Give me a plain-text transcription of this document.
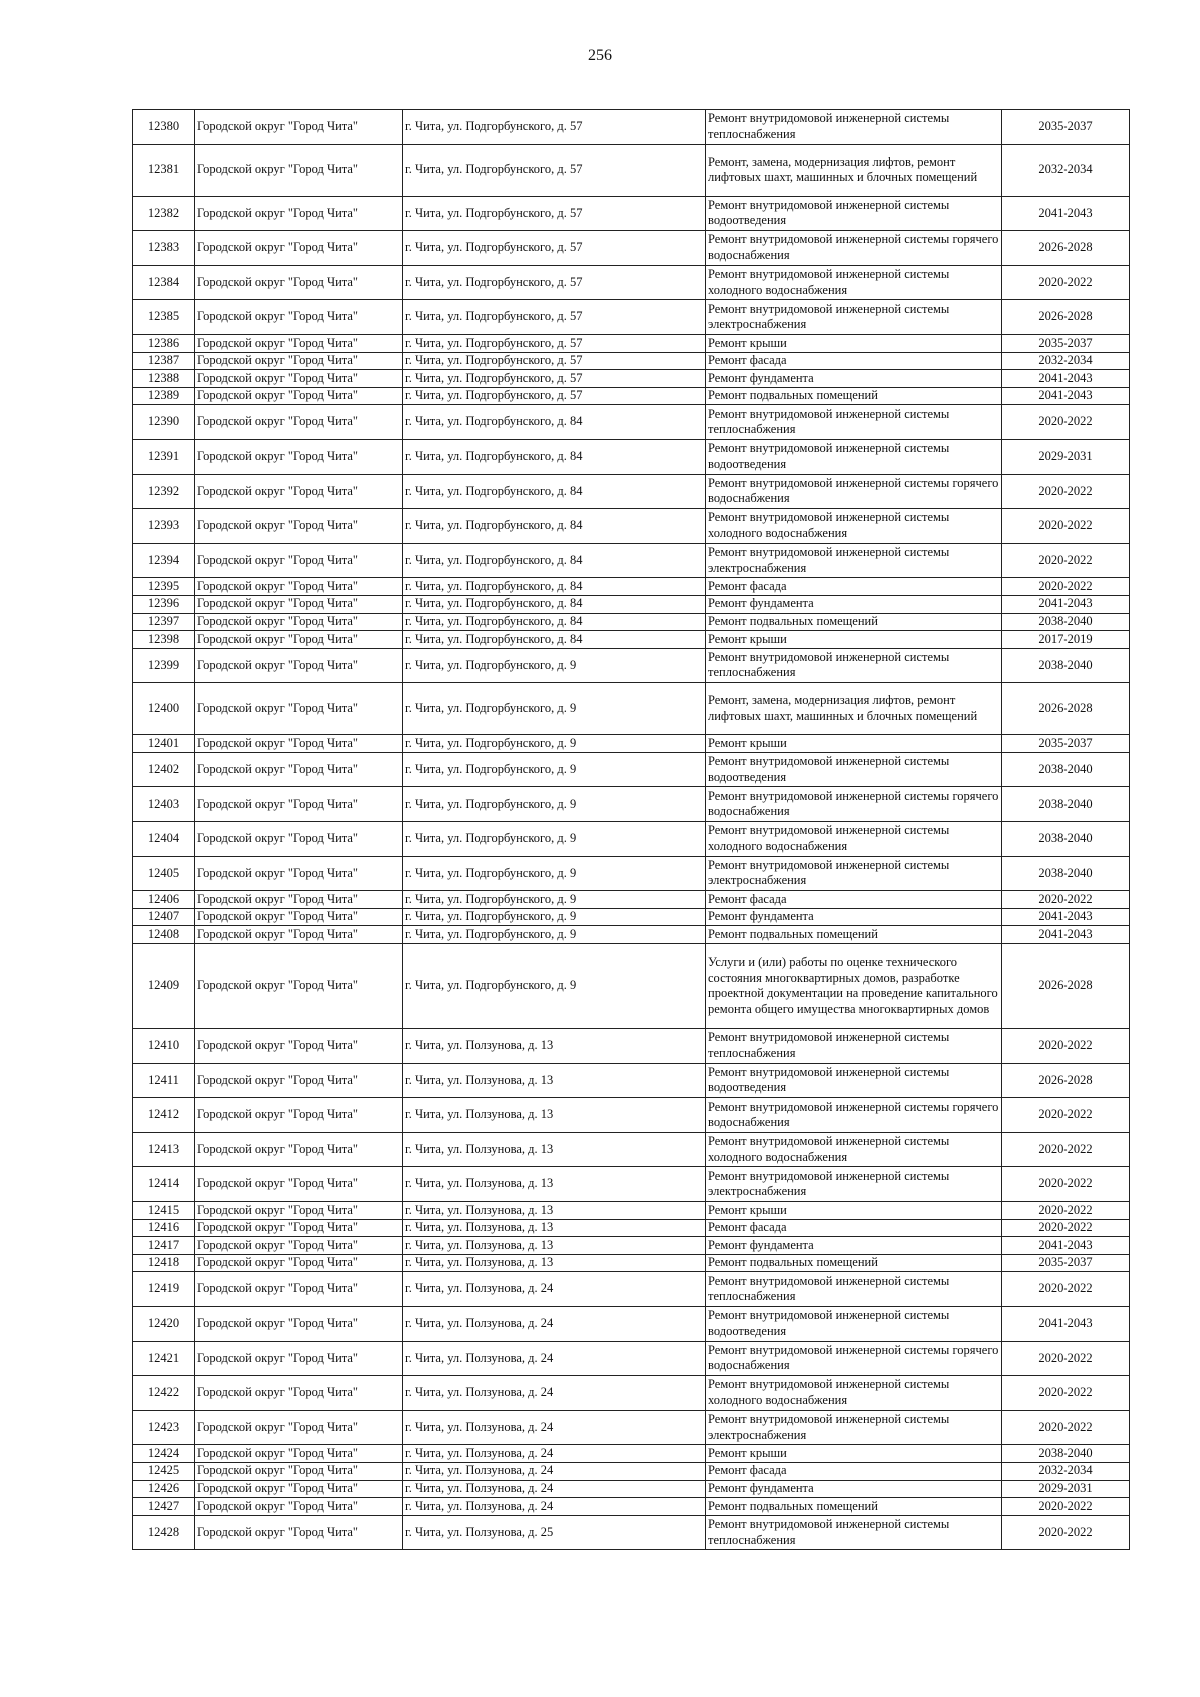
256
12380	Городской округ "Город Чита"	г. Чита, ул. Подгорбунского, д. 57	Ремонт внутридомовой инженерной системы теплоснабжения	2035-2037
12381	Городской округ "Город Чита"	г. Чита, ул. Подгорбунского, д. 57	Ремонт, замена, модернизация лифтов, ремонт лифтовых шахт, машинных и блочных помещений	2032-2034
12382	Городской округ "Город Чита"	г. Чита, ул. Подгорбунского, д. 57	Ремонт внутридомовой инженерной системы водоотведения	2041-2043
12383	Городской округ "Город Чита"	г. Чита, ул. Подгорбунского, д. 57	Ремонт внутридомовой инженерной системы горячего водоснабжения	2026-2028
12384	Городской округ "Город Чита"	г. Чита, ул. Подгорбунского, д. 57	Ремонт внутридомовой инженерной системы холодного водоснабжения	2020-2022
12385	Городской округ "Город Чита"	г. Чита, ул. Подгорбунского, д. 57	Ремонт внутридомовой инженерной системы электроснабжения	2026-2028
12386	Городской округ "Город Чита"	г. Чита, ул. Подгорбунского, д. 57	Ремонт крыши	2035-2037
12387	Городской округ "Город Чита"	г. Чита, ул. Подгорбунского, д. 57	Ремонт фасада	2032-2034
12388	Городской округ "Город Чита"	г. Чита, ул. Подгорбунского, д. 57	Ремонт фундамента	2041-2043
12389	Городской округ "Город Чита"	г. Чита, ул. Подгорбунского, д. 57	Ремонт подвальных помещений	2041-2043
12390	Городской округ "Город Чита"	г. Чита, ул. Подгорбунского, д. 84	Ремонт внутридомовой инженерной системы теплоснабжения	2020-2022
12391	Городской округ "Город Чита"	г. Чита, ул. Подгорбунского, д. 84	Ремонт внутридомовой инженерной системы водоотведения	2029-2031
12392	Городской округ "Город Чита"	г. Чита, ул. Подгорбунского, д. 84	Ремонт внутридомовой инженерной системы горячего водоснабжения	2020-2022
12393	Городской округ "Город Чита"	г. Чита, ул. Подгорбунского, д. 84	Ремонт внутридомовой инженерной системы холодного водоснабжения	2020-2022
12394	Городской округ "Город Чита"	г. Чита, ул. Подгорбунского, д. 84	Ремонт внутридомовой инженерной системы электроснабжения	2020-2022
12395	Городской округ "Город Чита"	г. Чита, ул. Подгорбунского, д. 84	Ремонт фасада	2020-2022
12396	Городской округ "Город Чита"	г. Чита, ул. Подгорбунского, д. 84	Ремонт фундамента	2041-2043
12397	Городской округ "Город Чита"	г. Чита, ул. Подгорбунского, д. 84	Ремонт подвальных помещений	2038-2040
12398	Городской округ "Город Чита"	г. Чита, ул. Подгорбунского, д. 84	Ремонт крыши	2017-2019
12399	Городской округ "Город Чита"	г. Чита, ул. Подгорбунского, д. 9	Ремонт внутридомовой инженерной системы теплоснабжения	2038-2040
12400	Городской округ "Город Чита"	г. Чита, ул. Подгорбунского, д. 9	Ремонт, замена, модернизация лифтов, ремонт лифтовых шахт, машинных и блочных помещений	2026-2028
12401	Городской округ "Город Чита"	г. Чита, ул. Подгорбунского, д. 9	Ремонт крыши	2035-2037
12402	Городской округ "Город Чита"	г. Чита, ул. Подгорбунского, д. 9	Ремонт внутридомовой инженерной системы водоотведения	2038-2040
12403	Городской округ "Город Чита"	г. Чита, ул. Подгорбунского, д. 9	Ремонт внутридомовой инженерной системы горячего водоснабжения	2038-2040
12404	Городской округ "Город Чита"	г. Чита, ул. Подгорбунского, д. 9	Ремонт внутридомовой инженерной системы холодного водоснабжения	2038-2040
12405	Городской округ "Город Чита"	г. Чита, ул. Подгорбунского, д. 9	Ремонт внутридомовой инженерной системы электроснабжения	2038-2040
12406	Городской округ "Город Чита"	г. Чита, ул. Подгорбунского, д. 9	Ремонт фасада	2020-2022
12407	Городской округ "Город Чита"	г. Чита, ул. Подгорбунского, д. 9	Ремонт фундамента	2041-2043
12408	Городской округ "Город Чита"	г. Чита, ул. Подгорбунского, д. 9	Ремонт подвальных помещений	2041-2043
12409	Городской округ "Город Чита"	г. Чита, ул. Подгорбунского, д. 9	Услуги и (или) работы по оценке технического состояния многоквартирных домов, разработке проектной документации на проведение капитального ремонта общего имущества многоквартирных домов	2026-2028
12410	Городской округ "Город Чита"	г. Чита, ул. Ползунова, д. 13	Ремонт внутридомовой инженерной системы теплоснабжения	2020-2022
12411	Городской округ "Город Чита"	г. Чита, ул. Ползунова, д. 13	Ремонт внутридомовой инженерной системы водоотведения	2026-2028
12412	Городской округ "Город Чита"	г. Чита, ул. Ползунова, д. 13	Ремонт внутридомовой инженерной системы горячего водоснабжения	2020-2022
12413	Городской округ "Город Чита"	г. Чита, ул. Ползунова, д. 13	Ремонт внутридомовой инженерной системы холодного водоснабжения	2020-2022
12414	Городской округ "Город Чита"	г. Чита, ул. Ползунова, д. 13	Ремонт внутридомовой инженерной системы электроснабжения	2020-2022
12415	Городской округ "Город Чита"	г. Чита, ул. Ползунова, д. 13	Ремонт крыши	2020-2022
12416	Городской округ "Город Чита"	г. Чита, ул. Ползунова, д. 13	Ремонт фасада	2020-2022
12417	Городской округ "Город Чита"	г. Чита, ул. Ползунова, д. 13	Ремонт фундамента	2041-2043
12418	Городской округ "Город Чита"	г. Чита, ул. Ползунова, д. 13	Ремонт подвальных помещений	2035-2037
12419	Городской округ "Город Чита"	г. Чита, ул. Ползунова, д. 24	Ремонт внутридомовой инженерной системы теплоснабжения	2020-2022
12420	Городской округ "Город Чита"	г. Чита, ул. Ползунова, д. 24	Ремонт внутридомовой инженерной системы водоотведения	2041-2043
12421	Городской округ "Город Чита"	г. Чита, ул. Ползунова, д. 24	Ремонт внутридомовой инженерной системы горячего водоснабжения	2020-2022
12422	Городской округ "Город Чита"	г. Чита, ул. Ползунова, д. 24	Ремонт внутридомовой инженерной системы холодного водоснабжения	2020-2022
12423	Городской округ "Город Чита"	г. Чита, ул. Ползунова, д. 24	Ремонт внутридомовой инженерной системы электроснабжения	2020-2022
12424	Городской округ "Город Чита"	г. Чита, ул. Ползунова, д. 24	Ремонт крыши	2038-2040
12425	Городской округ "Город Чита"	г. Чита, ул. Ползунова, д. 24	Ремонт фасада	2032-2034
12426	Городской округ "Город Чита"	г. Чита, ул. Ползунова, д. 24	Ремонт фундамента	2029-2031
12427	Городской округ "Город Чита"	г. Чита, ул. Ползунова, д. 24	Ремонт подвальных помещений	2020-2022
12428	Городской округ "Город Чита"	г. Чита, ул. Ползунова, д. 25	Ремонт внутридомовой инженерной системы теплоснабжения	2020-2022
